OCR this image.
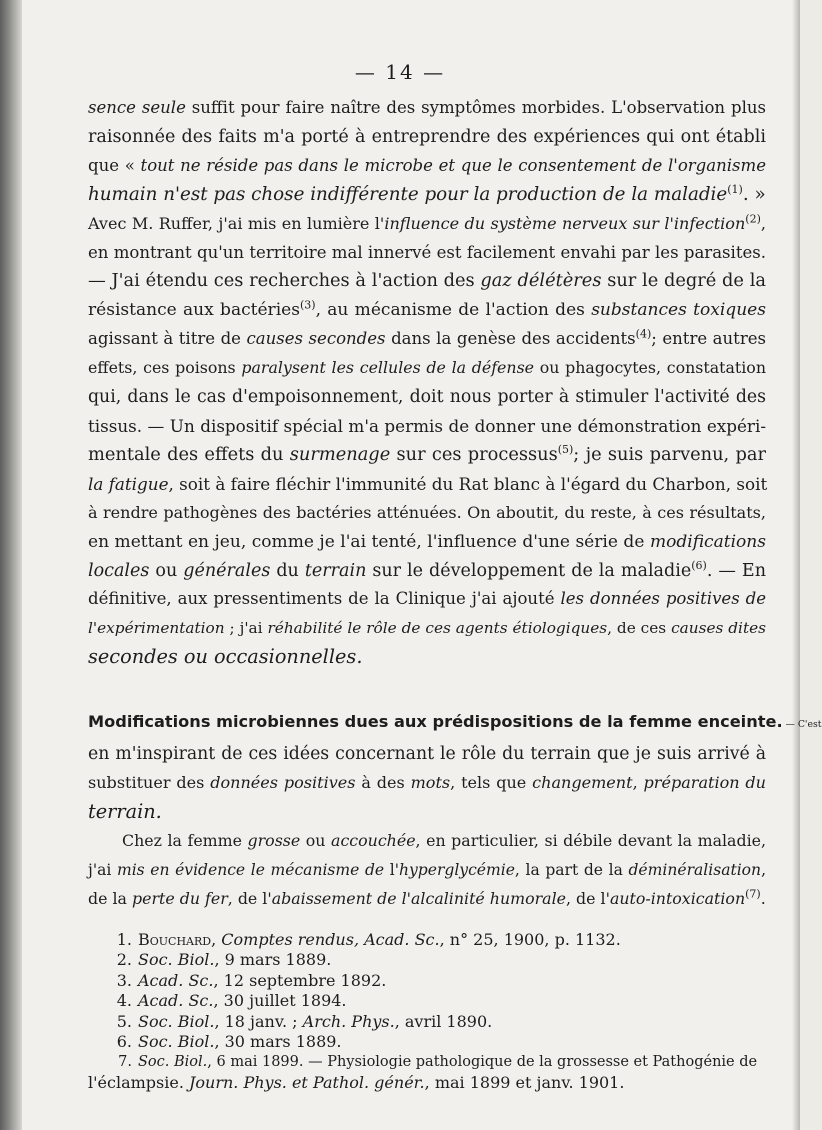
— 14 —

sence seule suffit pour faire naître des symptômes morbides. L'observation plus
raisonnée des faits m'a porté à entreprendre des expériences qui ont établi
que « tout ne réside pas dans le microbe et que le consentement de l'organisme
humain n'est pas chose indifférente pour la production de la maladie$^{(1)}$. »

Avec M. Ruffer, j'ai mis en lumière l'influence du système nerveux sur l'infection$^{(2)}$,
en montrant qu'un territoire mal innervé est facilement envahi par les parasites.
— J'ai étendu ces recherches à l'action des gaz délétères sur le degré de la
résistance aux bactéries$^{(3)}$, au mécanisme de l'action des substances toxiques
agissant à titre de causes secondes dans la genèse des accidents$^{(4)}$; entre autres
effets, ces poisons paralysent les cellules de la défense ou phagocytes, constatation
qui, dans le cas d'empoisonnement, doit nous porter à stimuler l'activité des
tissus. — Un dispositif spécial m'a permis de donner une démonstration expéri-
mentale des effets du surmenage sur ces processus$^{(5)}$; je suis parvenu, par
la fatigue, soit à faire fléchir l'immunité du Rat blanc à l'égard du Charbon, soit
à rendre pathogènes des bactéries atténuées. On aboutit, du reste, à ces résultats,
en mettant en jeu, comme je l'ai tenté, l'influence d'une série de modifications
locales ou générales du terrain sur le développement de la maladie$^{(6)}$. — En
définitive, aux pressentiments de la Clinique j'ai ajouté les données positives de
l'expérimentation ; j'ai réhabilité le rôle de ces agents étiologiques, de ces causes dites
secondes ou occasionnelles.

Modifications microbiennes dues aux prédispositions de la femme enceinte. — C'est
en m'inspirant de ces idées concernant le rôle du terrain que je suis arrivé à
substituer des données positives à des mots, tels que changement, préparation du
terrain.

Chez la femme grosse ou accouchée, en particulier, si débile devant la maladie,
j'ai mis en évidence le mécanisme de l'hyperglycémie, la part de la déminéralisation,
de la perte du fer, de l'abaissement de l'alcalinité humorale, de l'auto-intoxication$^{(7)}$.

1. Bouchard, Comptes rendus, Acad. Sc., n° 25, 1900, p. 1132.
2. Soc. Biol., 9 mars 1889.
3. Acad. Sc., 12 septembre 1892.
4. Acad. Sc., 30 juillet 1894.
5. Soc. Biol., 18 janv. ; Arch. Phys., avril 1890.
6. Soc. Biol., 30 mars 1889.
7. Soc. Biol., 6 mai 1899. — Physiologie pathologique de la grossesse et Pathogénie de
l'éclampsie. Journ. Phys. et Pathol. génér., mai 1899 et janv. 1901.
